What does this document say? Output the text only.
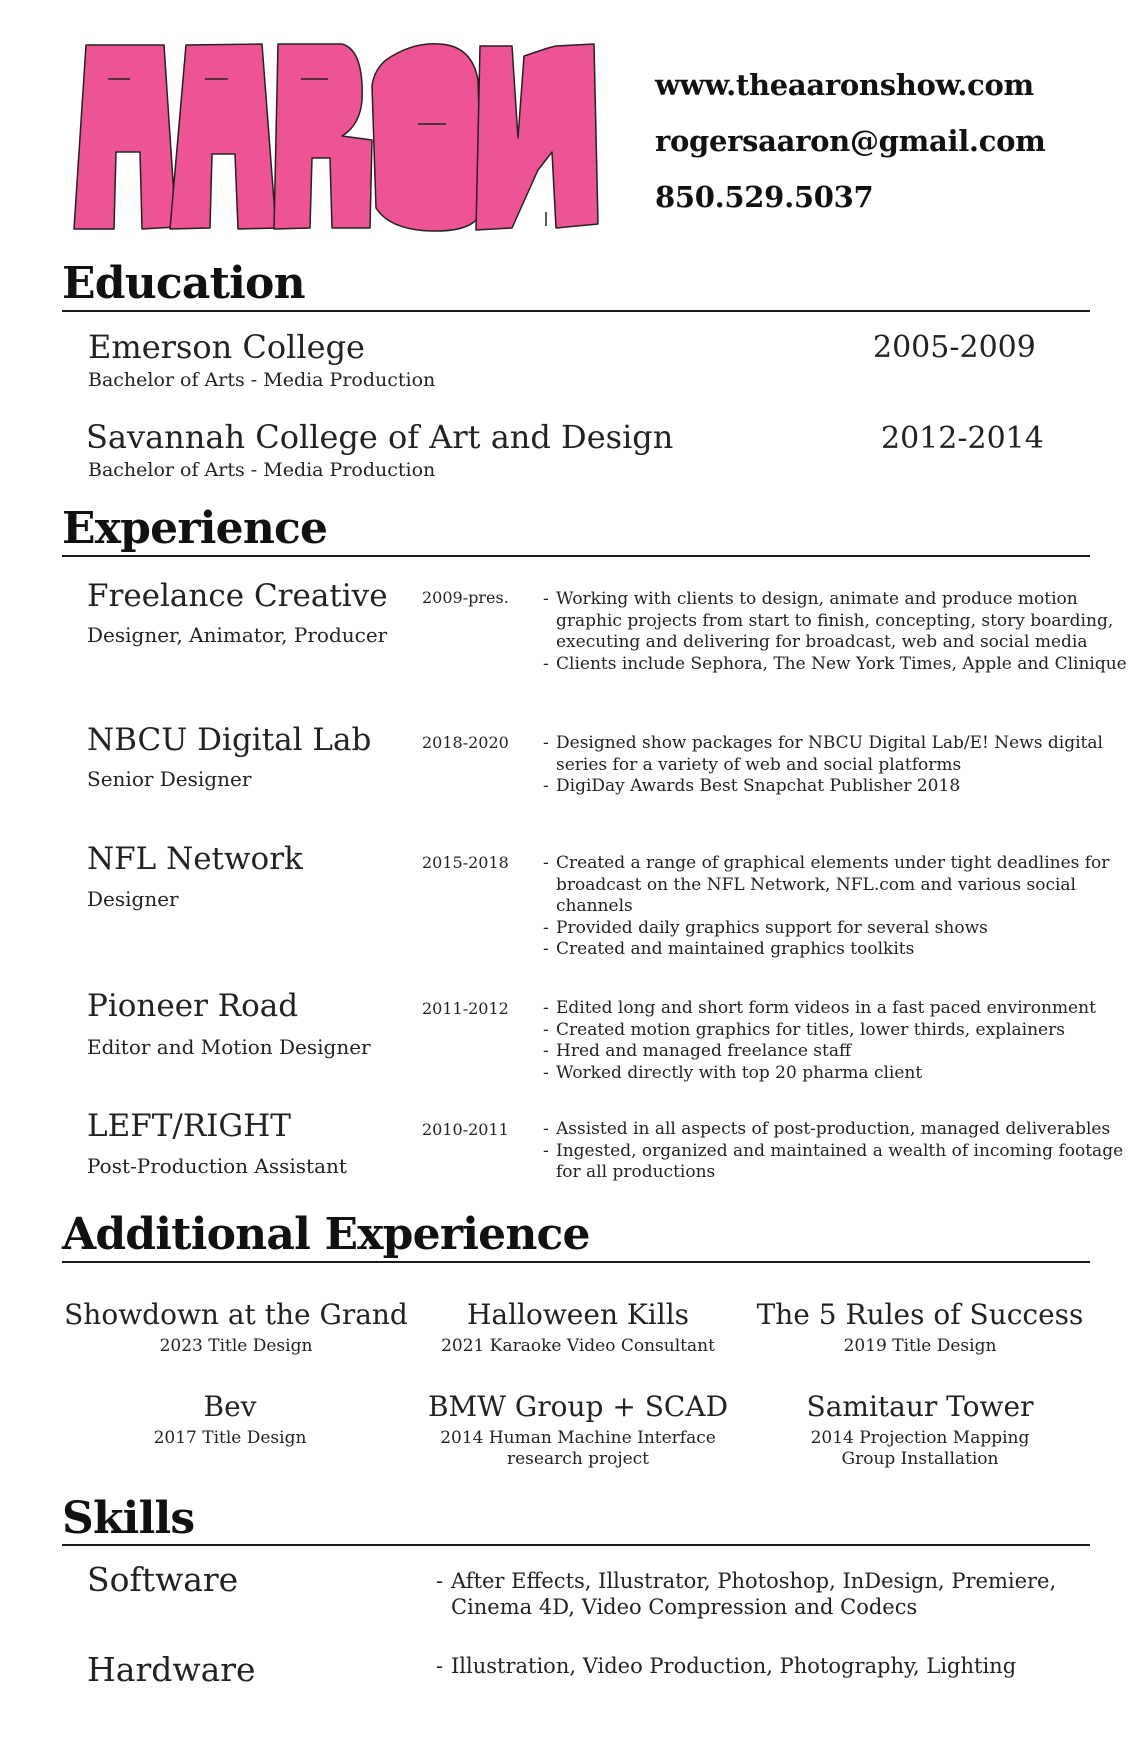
AARON
www.theaaronshow.com
rogersaaron@gmail.com
850.529.5037
Education
Emerson College
Bachelor of Arts - Media Production
2005-2009
Savannah College of Art and Design
Bachelor of Arts - Media Production
2012-2014
Experience
Freelance Creative
Designer, Animator, Producer
2009-pres.	- Working with clients to design, animate and produce motion graphic projects from start to finish, concepting, story boarding, executing and delivering for broadcast, web and social media
- Clients include Sephora, The New York Times, Apple and Clinique
NBCU Digital Lab
Senior Designer
2018-2020	- Designed show packages for NBCU Digital Lab/E! News digital series for a variety of web and social platforms
- DigiDay Awards Best Snapchat Publisher 2018
NFL Network
Designer
2015-2018	- Created a range of graphical elements under tight deadlines for broadcast on the NFL Network, NFL.com and various social channels
- Provided daily graphics support for several shows
- Created and maintained graphics toolkits
Pioneer Road
Editor and Motion Designer
2011-2012	- Edited long and short form videos in a fast paced environment
- Created motion graphics for titles, lower thirds, explainers
- Hred and managed freelance staff
- Worked directly with top 20 pharma client
LEFT/RIGHT
Post-Production Assistant
2010-2011	- Assisted in all aspects of post-production, managed deliverables
- Ingested, organized and maintained a wealth of incoming footage for all productions
Additional Experience
Showdown at the Grand
2023 Title Design
Halloween Kills
2021 Karaoke Video Consultant
The 5 Rules of Success
2019 Title Design
Bev
2017 Title Design
BMW Group + SCAD
2014 Human Machine Interface research project
Samitaur Tower
2014 Projection Mapping Group Installation
Skills
Software	- After Effects, Illustrator, Photoshop, InDesign, Premiere, Cinema 4D, Video Compression and Codecs
Hardware	- Illustration, Video Production, Photography, Lighting
